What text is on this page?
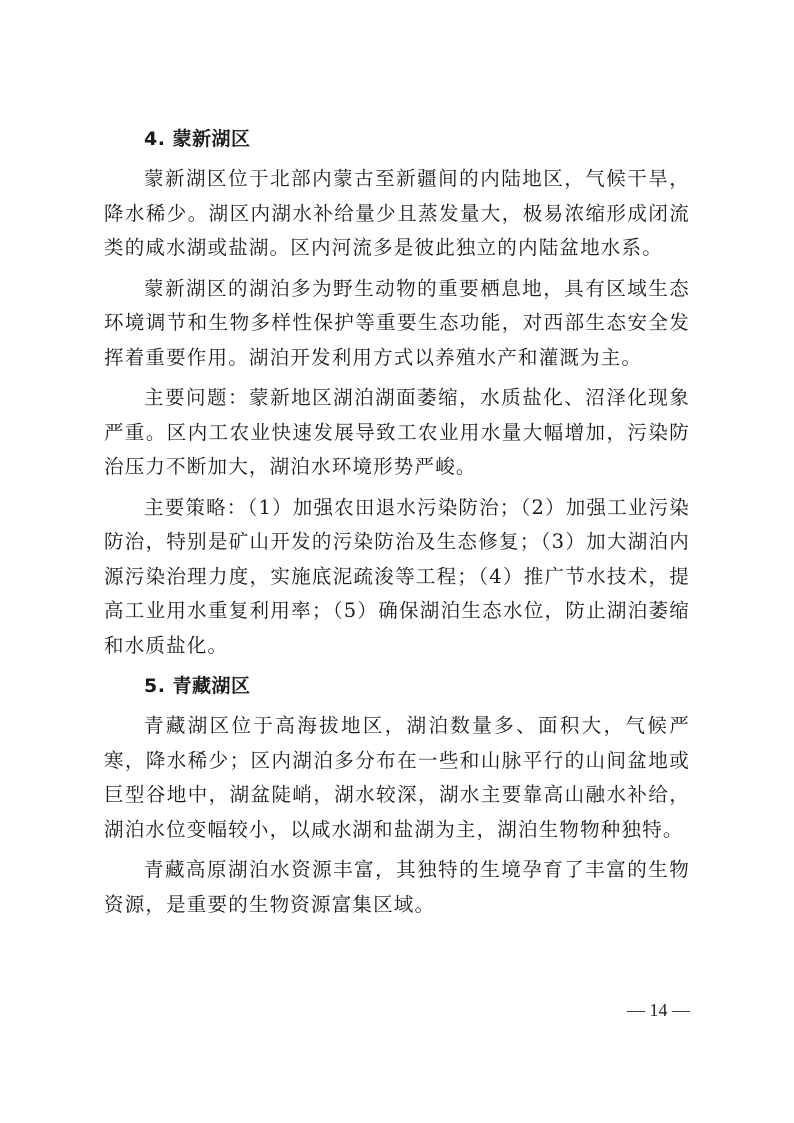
4. 蒙新湖区

蒙新湖区位于北部内蒙古至新疆间的内陆地区，气候干旱，降水稀少。湖区内湖水补给量少且蒸发量大，极易浓缩形成闭流类的咸水湖或盐湖。区内河流多是彼此独立的内陆盆地水系。

蒙新湖区的湖泊多为野生动物的重要栖息地，具有区域生态环境调节和生物多样性保护等重要生态功能，对西部生态安全发挥着重要作用。湖泊开发利用方式以养殖水产和灌溉为主。

主要问题：蒙新地区湖泊湖面萎缩，水质盐化、沼泽化现象严重。区内工农业快速发展导致工农业用水量大幅增加，污染防治压力不断加大，湖泊水环境形势严峻。

主要策略：（1）加强农田退水污染防治；（2）加强工业污染防治，特别是矿山开发的污染防治及生态修复；（3）加大湖泊内源污染治理力度，实施底泥疏浚等工程；（4）推广节水技术，提高工业用水重复利用率；（5）确保湖泊生态水位，防止湖泊萎缩和水质盐化。

5. 青藏湖区

青藏湖区位于高海拔地区，湖泊数量多、面积大，气候严寒，降水稀少；区内湖泊多分布在一些和山脉平行的山间盆地或巨型谷地中，湖盆陡峭，湖水较深，湖水主要靠高山融水补给，湖泊水位变幅较小，以咸水湖和盐湖为主，湖泊生物物种独特。

青藏高原湖泊水资源丰富，其独特的生境孕育了丰富的生物资源，是重要的生物资源富集区域。

— 14 —
